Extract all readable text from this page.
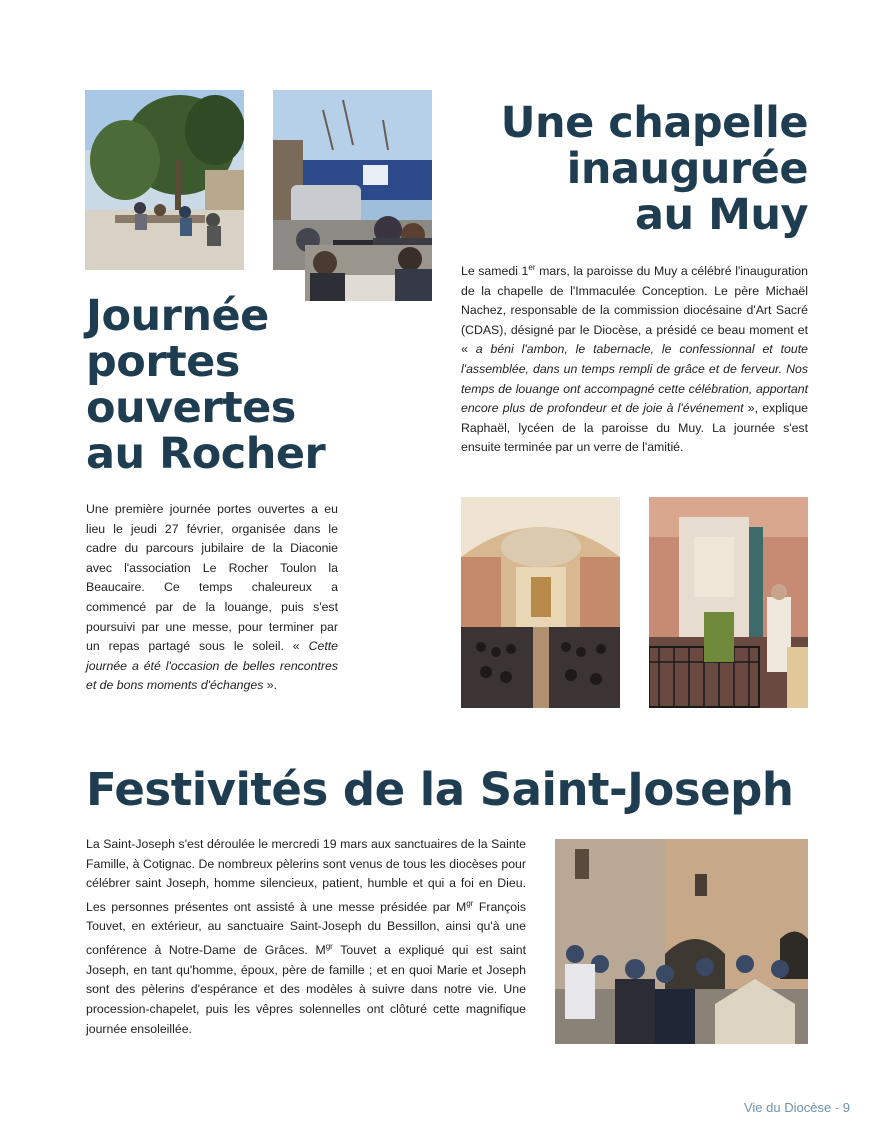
Une chapelle
inaugurée
au Muy
Le samedi 1er mars, la paroisse du Muy a célébré l'inauguration de la chapelle de l'Immaculée Conception. Le père Michaël Nachez, responsable de la commission diocésaine d'Art Sacré (CDAS), désigné par le Diocèse, a présidé ce beau moment et « a béni l'ambon, le tabernacle, le confessionnal et toute l'assemblée, dans un temps rempli de grâce et de ferveur. Nos temps de louange ont accompagné cette célébration, apportant encore plus de profondeur et de joie à l'événement », explique Raphaël, lycéen de la paroisse du Muy. La journée s'est ensuite terminée par un verre de l'amitié.
Journée
portes
ouvertes
au Rocher
Une première journée portes ouvertes a eu lieu le jeudi 27 février, organisée dans le cadre du parcours jubilaire de la Diaconie avec l'association Le Rocher Toulon la Beaucaire. Ce temps chaleureux a commencé par de la louange, puis s'est poursuivi par une messe, pour terminer par un repas partagé sous le soleil. « Cette journée a été l'occasion de belles rencontres et de bons moments d'échanges ».
Festivités de la Saint-Joseph
La Saint-Joseph s'est déroulée le mercredi 19 mars aux sanctuaires de la Sainte Famille, à Cotignac. De nombreux pèlerins sont venus de tous les diocèses pour célébrer saint Joseph, homme silencieux, patient, humble et qui a foi en Dieu. Les personnes présentes ont assisté à une messe présidée par $M^{gr}$ François Touvet, en extérieur, au sanctuaire Saint-Joseph du Bessillon, ainsi qu'à une conférence à Notre-Dame de Grâces. $M^{gr}$ Touvet a expliqué qui est saint Joseph, en tant qu'homme, époux, père de famille ; et en quoi Marie et Joseph sont des pèlerins d'espérance et des modèles à suivre dans notre vie. Une procession-chapelet, puis les vêpres solennelles ont clôturé cette magnifique journée ensoleillée.
Vie du Diocèse - 9
